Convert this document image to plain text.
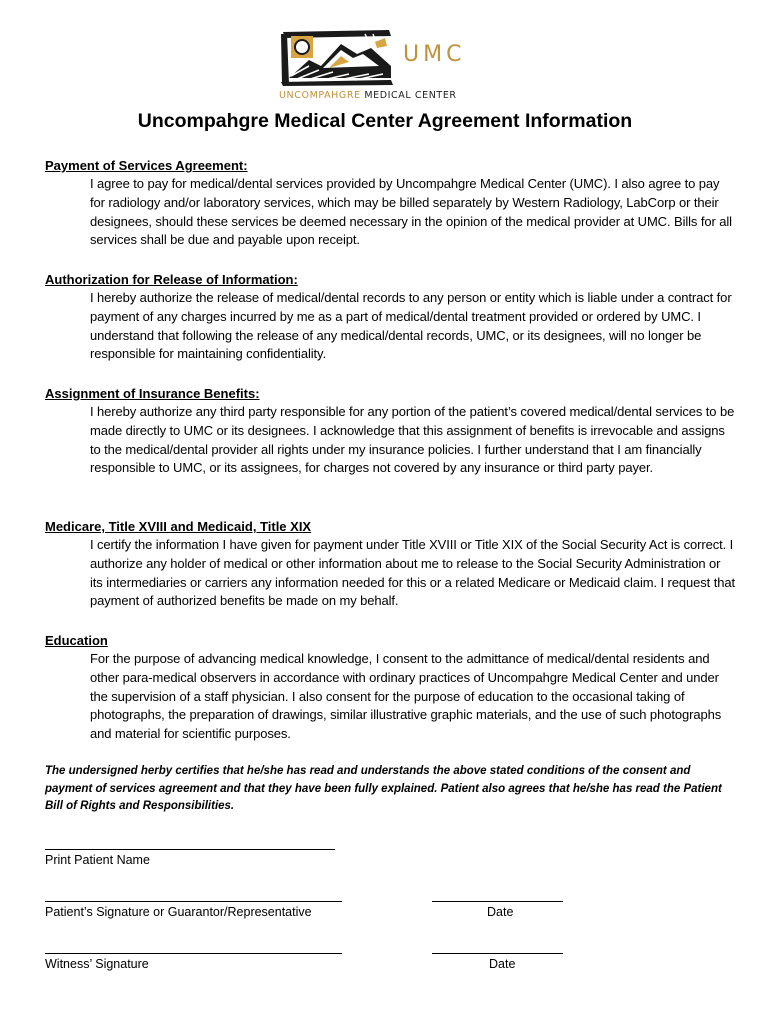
UMC
UNCOMPAHGRE MEDICAL CENTER
Uncompahgre Medical Center Agreement Information
Payment of Services Agreement:
I agree to pay for medical/dental services provided by Uncompahgre Medical Center (UMC). I also agree to pay for radiology and/or laboratory services, which may be billed separately by Western Radiology, LabCorp or their designees, should these services be deemed necessary in the opinion of the medical provider at UMC. Bills for all services shall be due and payable upon receipt.
Authorization for Release of Information:
I hereby authorize the release of medical/dental records to any person or entity which is liable under a contract for payment of any charges incurred by me as a part of medical/dental treatment provided or ordered by UMC. I understand that following the release of any medical/dental records, UMC, or its designees, will no longer be responsible for maintaining confidentiality.
Assignment of Insurance Benefits:
I hereby authorize any third party responsible for any portion of the patient’s covered medical/dental services to be made directly to UMC or its designees. I acknowledge that this assignment of benefits is irrevocable and assigns to the medical/dental provider all rights under my insurance policies. I further understand that I am financially responsible to UMC, or its assignees, for charges not covered by any insurance or third party payer.
Medicare, Title XVIII and Medicaid, Title XIX
I certify the information I have given for payment under Title XVIII or Title XIX of the Social Security Act is correct. I authorize any holder of medical or other information about me to release to the Social Security Administration or its intermediaries or carriers any information needed for this or a related Medicare or Medicaid claim. I request that payment of authorized benefits be made on my behalf.
Education
For the purpose of advancing medical knowledge, I consent to the admittance of medical/dental residents and other para-medical observers in accordance with ordinary practices of Uncompahgre Medical Center and under the supervision of a staff physician. I also consent for the purpose of education to the occasional taking of photographs, the preparation of drawings, similar illustrative graphic materials, and the use of such photographs and material for scientific purposes.
The undersigned herby certifies that he/she has read and understands the above stated conditions of the consent and payment of services agreement and that they have been fully explained. Patient also agrees that he/she has read the Patient Bill of Rights and Responsibilities.
Print Patient Name
Patient’s Signature or Guarantor/Representative	Date
Witness’ Signature	Date
